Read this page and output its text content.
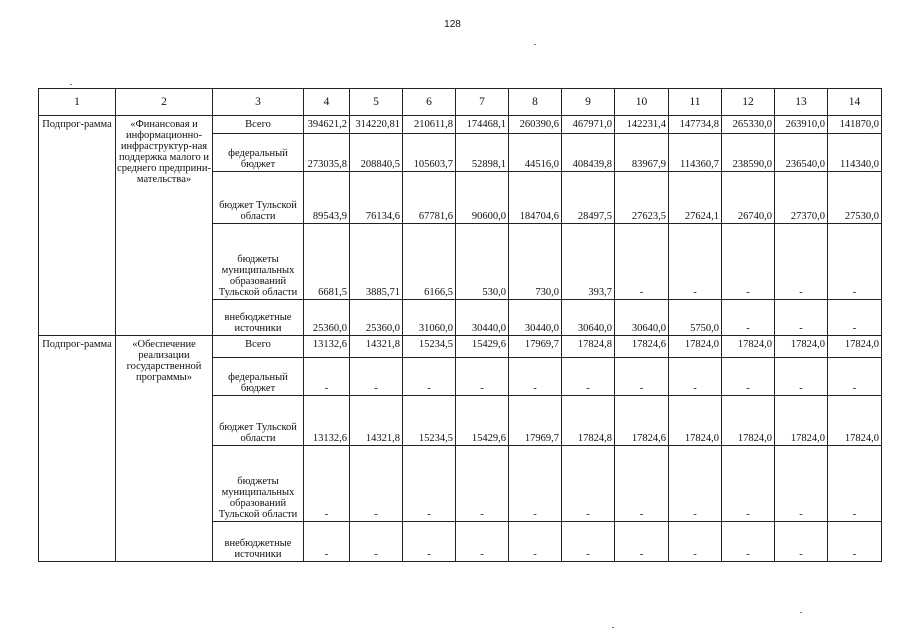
128
1	2	3	4	5	6	7	8	9	10	11	12	13	14
Подпрог-рамма	«Финансовая и информационно-инфраструктур-ная поддержка малого и среднего предприни-мательства»	Всего	394621,2	314220,81	210611,8	174468,1	260390,6	467971,0	142231,4	147734,8	265330,0	263910,0	141870,0
		федеральный бюджет	273035,8	208840,5	105603,7	52898,1	44516,0	408439,8	83967,9	114360,7	238590,0	236540,0	114340,0
		бюджет Тульской области	89543,9	76134,6	67781,6	90600,0	184704,6	28497,5	27623,5	27624,1	26740,0	27370,0	27530,0
		бюджеты муниципальных образований Тульской области	6681,5	3885,71	6166,5	530,0	730,0	393,7	-	-	-	-	-
		внебюджетные источники	25360,0	25360,0	31060,0	30440,0	30440,0	30640,0	30640,0	5750,0	-	-	-
Подпрог-рамма	«Обеспечение реализации государственной программы»	Всего	13132,6	14321,8	15234,5	15429,6	17969,7	17824,8	17824,6	17824,0	17824,0	17824,0	17824,0
		федеральный бюджет	-	-	-	-	-	-	-	-	-	-	-
		бюджет Тульской области	13132,6	14321,8	15234,5	15429,6	17969,7	17824,8	17824,6	17824,0	17824,0	17824,0	17824,0
		бюджеты муниципальных образований Тульской области	-	-	-	-	-	-	-	-	-	-	-
		внебюджетные источники	-	-	-	-	-	-	-	-	-	-	-
